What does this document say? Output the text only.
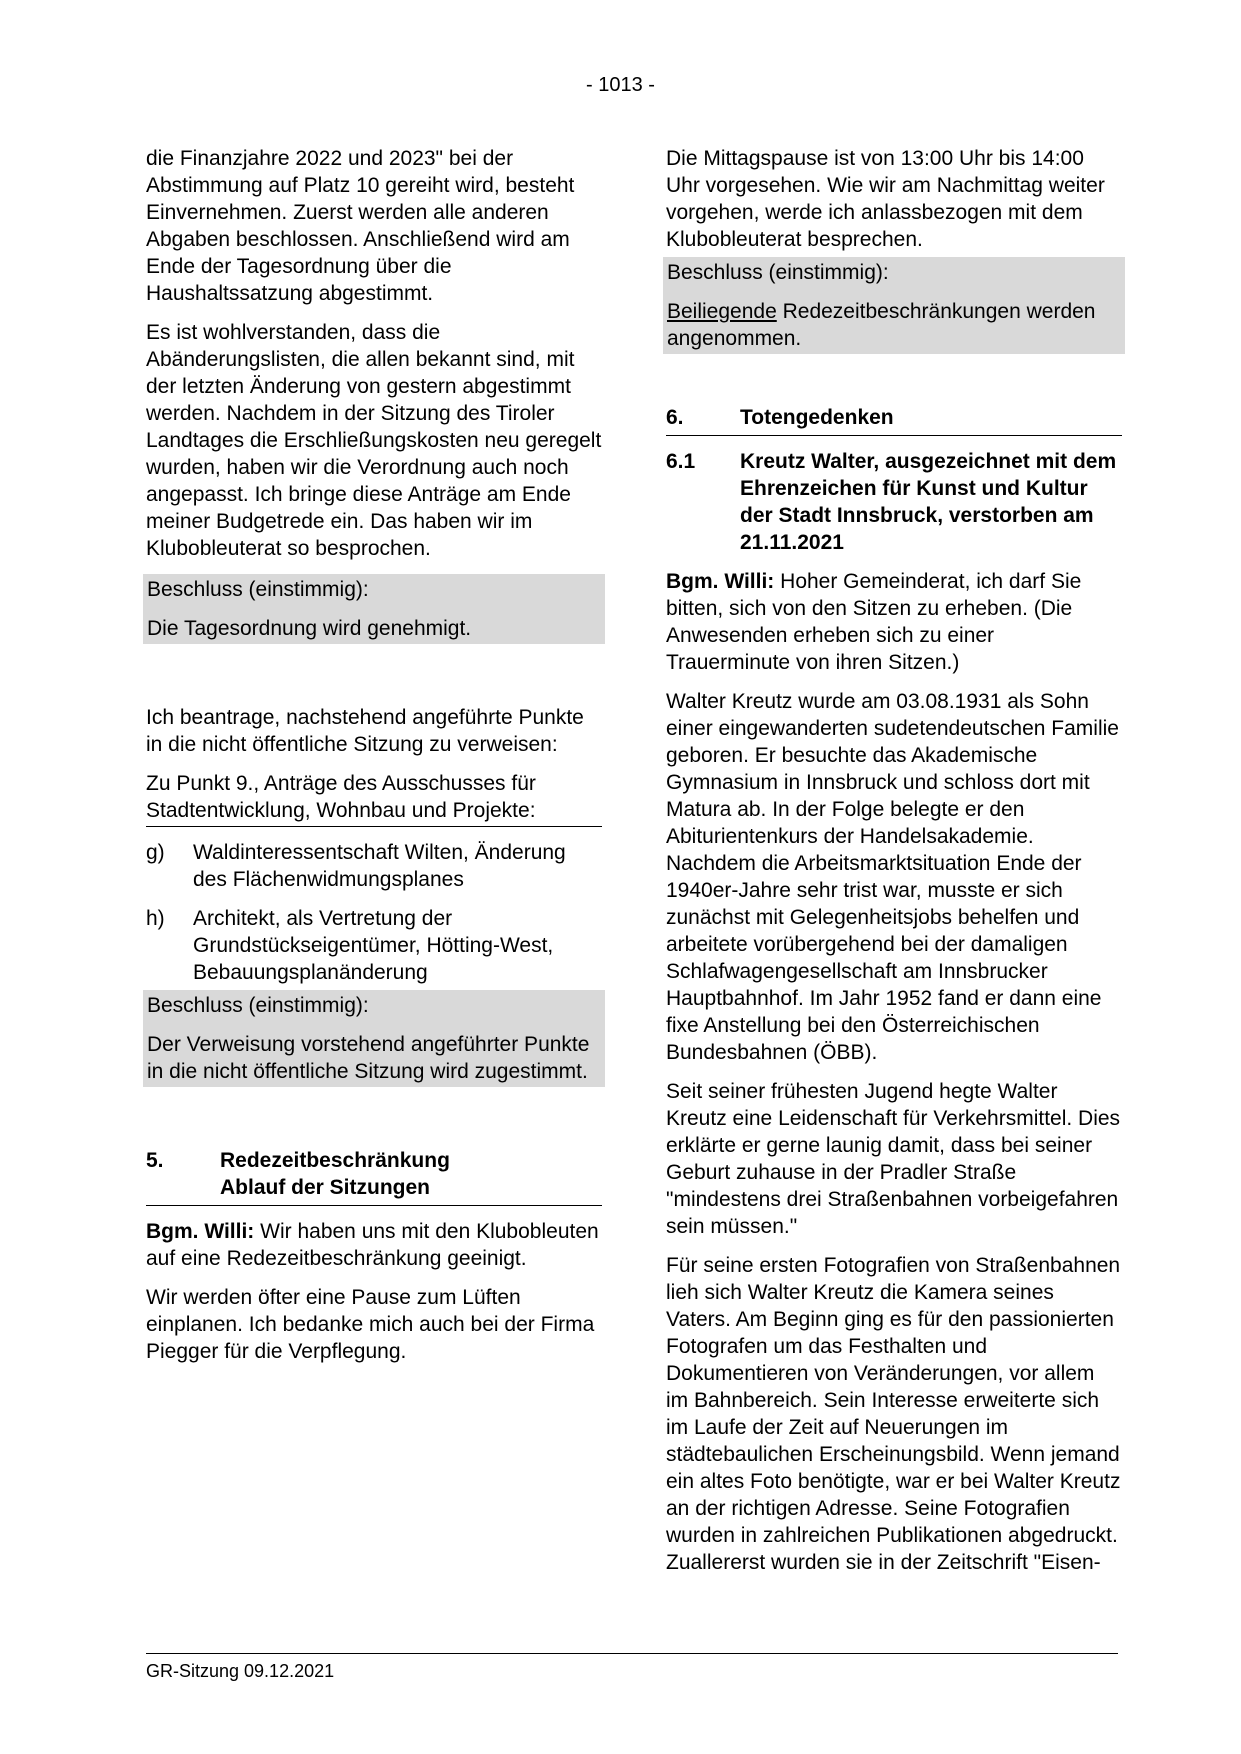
- 1013 -

die Finanzjahre 2022 und 2023" bei der Abstimmung auf Platz 10 gereiht wird, besteht Einvernehmen. Zuerst werden alle anderen Abgaben beschlossen. Anschließend wird am Ende der Tagesordnung über die Haushaltssatzung abgestimmt.

Es ist wohlverstanden, dass die Abänderungslisten, die allen bekannt sind, mit der letzten Änderung von gestern abgestimmt werden. Nachdem in der Sitzung des Tiroler Landtages die Erschließungskosten neu geregelt wurden, haben wir die Verordnung auch noch angepasst. Ich bringe diese Anträge am Ende meiner Budgetrede ein. Das haben wir im Klubobleuterat so besprochen.

Beschluss (einstimmig):
Die Tagesordnung wird genehmigt.

Ich beantrage, nachstehend angeführte Punkte in die nicht öffentliche Sitzung zu verweisen:

Zu Punkt 9., Anträge des Ausschusses für Stadtentwicklung, Wohnbau und Projekte:

g)	Waldinteressentschaft Wilten, Änderung des Flächenwidmungsplanes
h)	Architekt, als Vertretung der Grundstückseigentümer, Hötting-West, Bebauungsplanänderung
Beschluss (einstimmig):
Der Verweisung vorstehend angeführter Punkte in die nicht öffentliche Sitzung wird zugestimmt.
5.	Redezeitbeschränkung
Ablauf der Sitzungen

Bgm. Willi: Wir haben uns mit den Klubobleuten auf eine Redezeitbeschränkung geeinigt.

Wir werden öfter eine Pause zum Lüften einplanen. Ich bedanke mich auch bei der Firma Piegger für die Verpflegung.

Die Mittagspause ist von 13:00 Uhr bis 14:00 Uhr vorgesehen. Wie wir am Nachmittag weiter vorgehen, werde ich anlassbezogen mit dem Klubobleuterat besprechen.

Beschluss (einstimmig):
Beiliegende Redezeitbeschränkungen werden angenommen.
6.	Totengedenken
6.1	Kreutz Walter, ausgezeichnet mit dem Ehrenzeichen für Kunst und Kultur der Stadt Innsbruck, verstorben am 21.11.2021

Bgm. Willi: Hoher Gemeinderat, ich darf Sie bitten, sich von den Sitzen zu erheben. (Die Anwesenden erheben sich zu einer Trauerminute von ihren Sitzen.)

Walter Kreutz wurde am 03.08.1931 als Sohn einer eingewanderten sudetendeutschen Familie geboren. Er besuchte das Akademische Gymnasium in Innsbruck und schloss dort mit Matura ab. In der Folge belegte er den Abiturientenkurs der Handelsakademie. Nachdem die Arbeitsmarktsituation Ende der 1940er-Jahre sehr trist war, musste er sich zunächst mit Gelegenheitsjobs behelfen und arbeitete vorübergehend bei der damaligen Schlafwagengesellschaft am Innsbrucker Hauptbahnhof. Im Jahr 1952 fand er dann eine fixe Anstellung bei den Österreichischen Bundesbahnen (ÖBB).

Seit seiner frühesten Jugend hegte Walter Kreutz eine Leidenschaft für Verkehrsmittel. Dies erklärte er gerne launig damit, dass bei seiner Geburt zuhause in der Pradler Straße "mindestens drei Straßenbahnen vorbeigefahren sein müssen."

Für seine ersten Fotografien von Straßenbahnen lieh sich Walter Kreutz die Kamera seines Vaters. Am Beginn ging es für den passionierten Fotografen um das Festhalten und Dokumentieren von Veränderungen, vor allem im Bahnbereich. Sein Interesse erweiterte sich im Laufe der Zeit auf Neuerungen im städtebaulichen Erscheinungsbild. Wenn jemand ein altes Foto benötigte, war er bei Walter Kreutz an der richtigen Adresse. Seine Fotografien wurden in zahlreichen Publikationen abgedruckt. Zuallererst wurden sie in der Zeitschrift "Eisen-

GR-Sitzung 09.12.2021
